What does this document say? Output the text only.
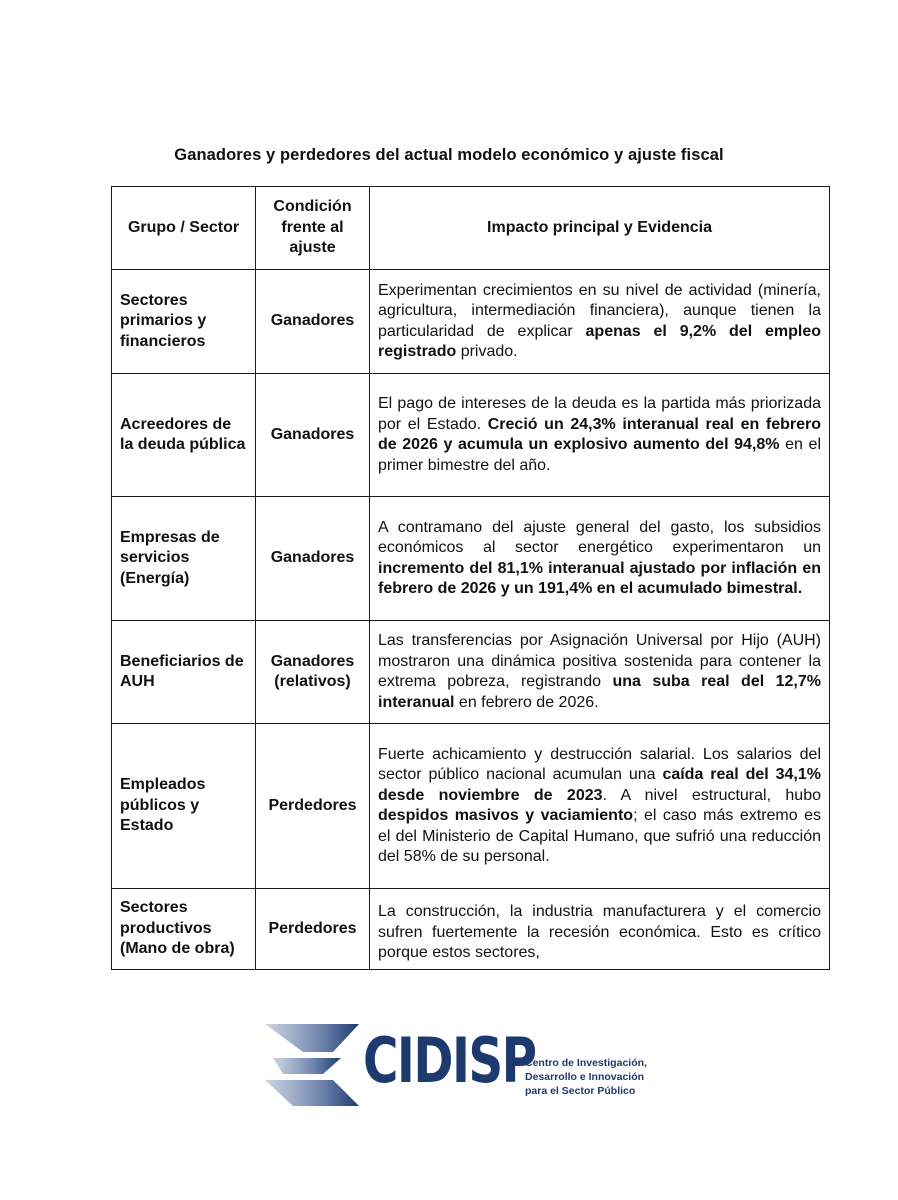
Ganadores y perdedores del actual modelo económico y ajuste fiscal
Grupo / Sector	Condición frente al ajuste	Impacto principal y Evidencia
Sectores primarios y financieros	Ganadores	Experimentan crecimientos en su nivel de actividad (minería, agricultura, intermediación financiera), aunque tienen la particularidad de explicar apenas el 9,2% del empleo registrado privado.
Acreedores de la deuda pública	Ganadores	El pago de intereses de la deuda es la partida más priorizada por el Estado. Creció un 24,3% interanual real en febrero de 2026 y acumula un explosivo aumento del 94,8% en el primer bimestre del año.
Empresas de servicios (Energía)	Ganadores	A contramano del ajuste general del gasto, los subsidios económicos al sector energético experimentaron un incremento del 81,1% interanual ajustado por inflación en febrero de 2026 y un 191,4% en el acumulado bimestral.
Beneficiarios de AUH	Ganadores (relativos)	Las transferencias por Asignación Universal por Hijo (AUH) mostraron una dinámica positiva sostenida para contener la extrema pobreza, registrando una suba real del 12,7% interanual en febrero de 2026.
Empleados públicos y Estado	Perdedores	Fuerte achicamiento y destrucción salarial. Los salarios del sector público nacional acumulan una caída real del 34,1% desde noviembre de 2023. A nivel estructural, hubo despidos masivos y vaciamiento; el caso más extremo es el del Ministerio de Capital Humano, que sufrió una reducción del 58% de su personal.
Sectores productivos (Mano de obra)	Perdedores	La construcción, la industria manufacturera y el comercio sufren fuertemente la recesión económica. Esto es crítico porque estos sectores,
CIDISP
Centro de Investigación,
Desarrollo e Innovación
para el Sector Público
